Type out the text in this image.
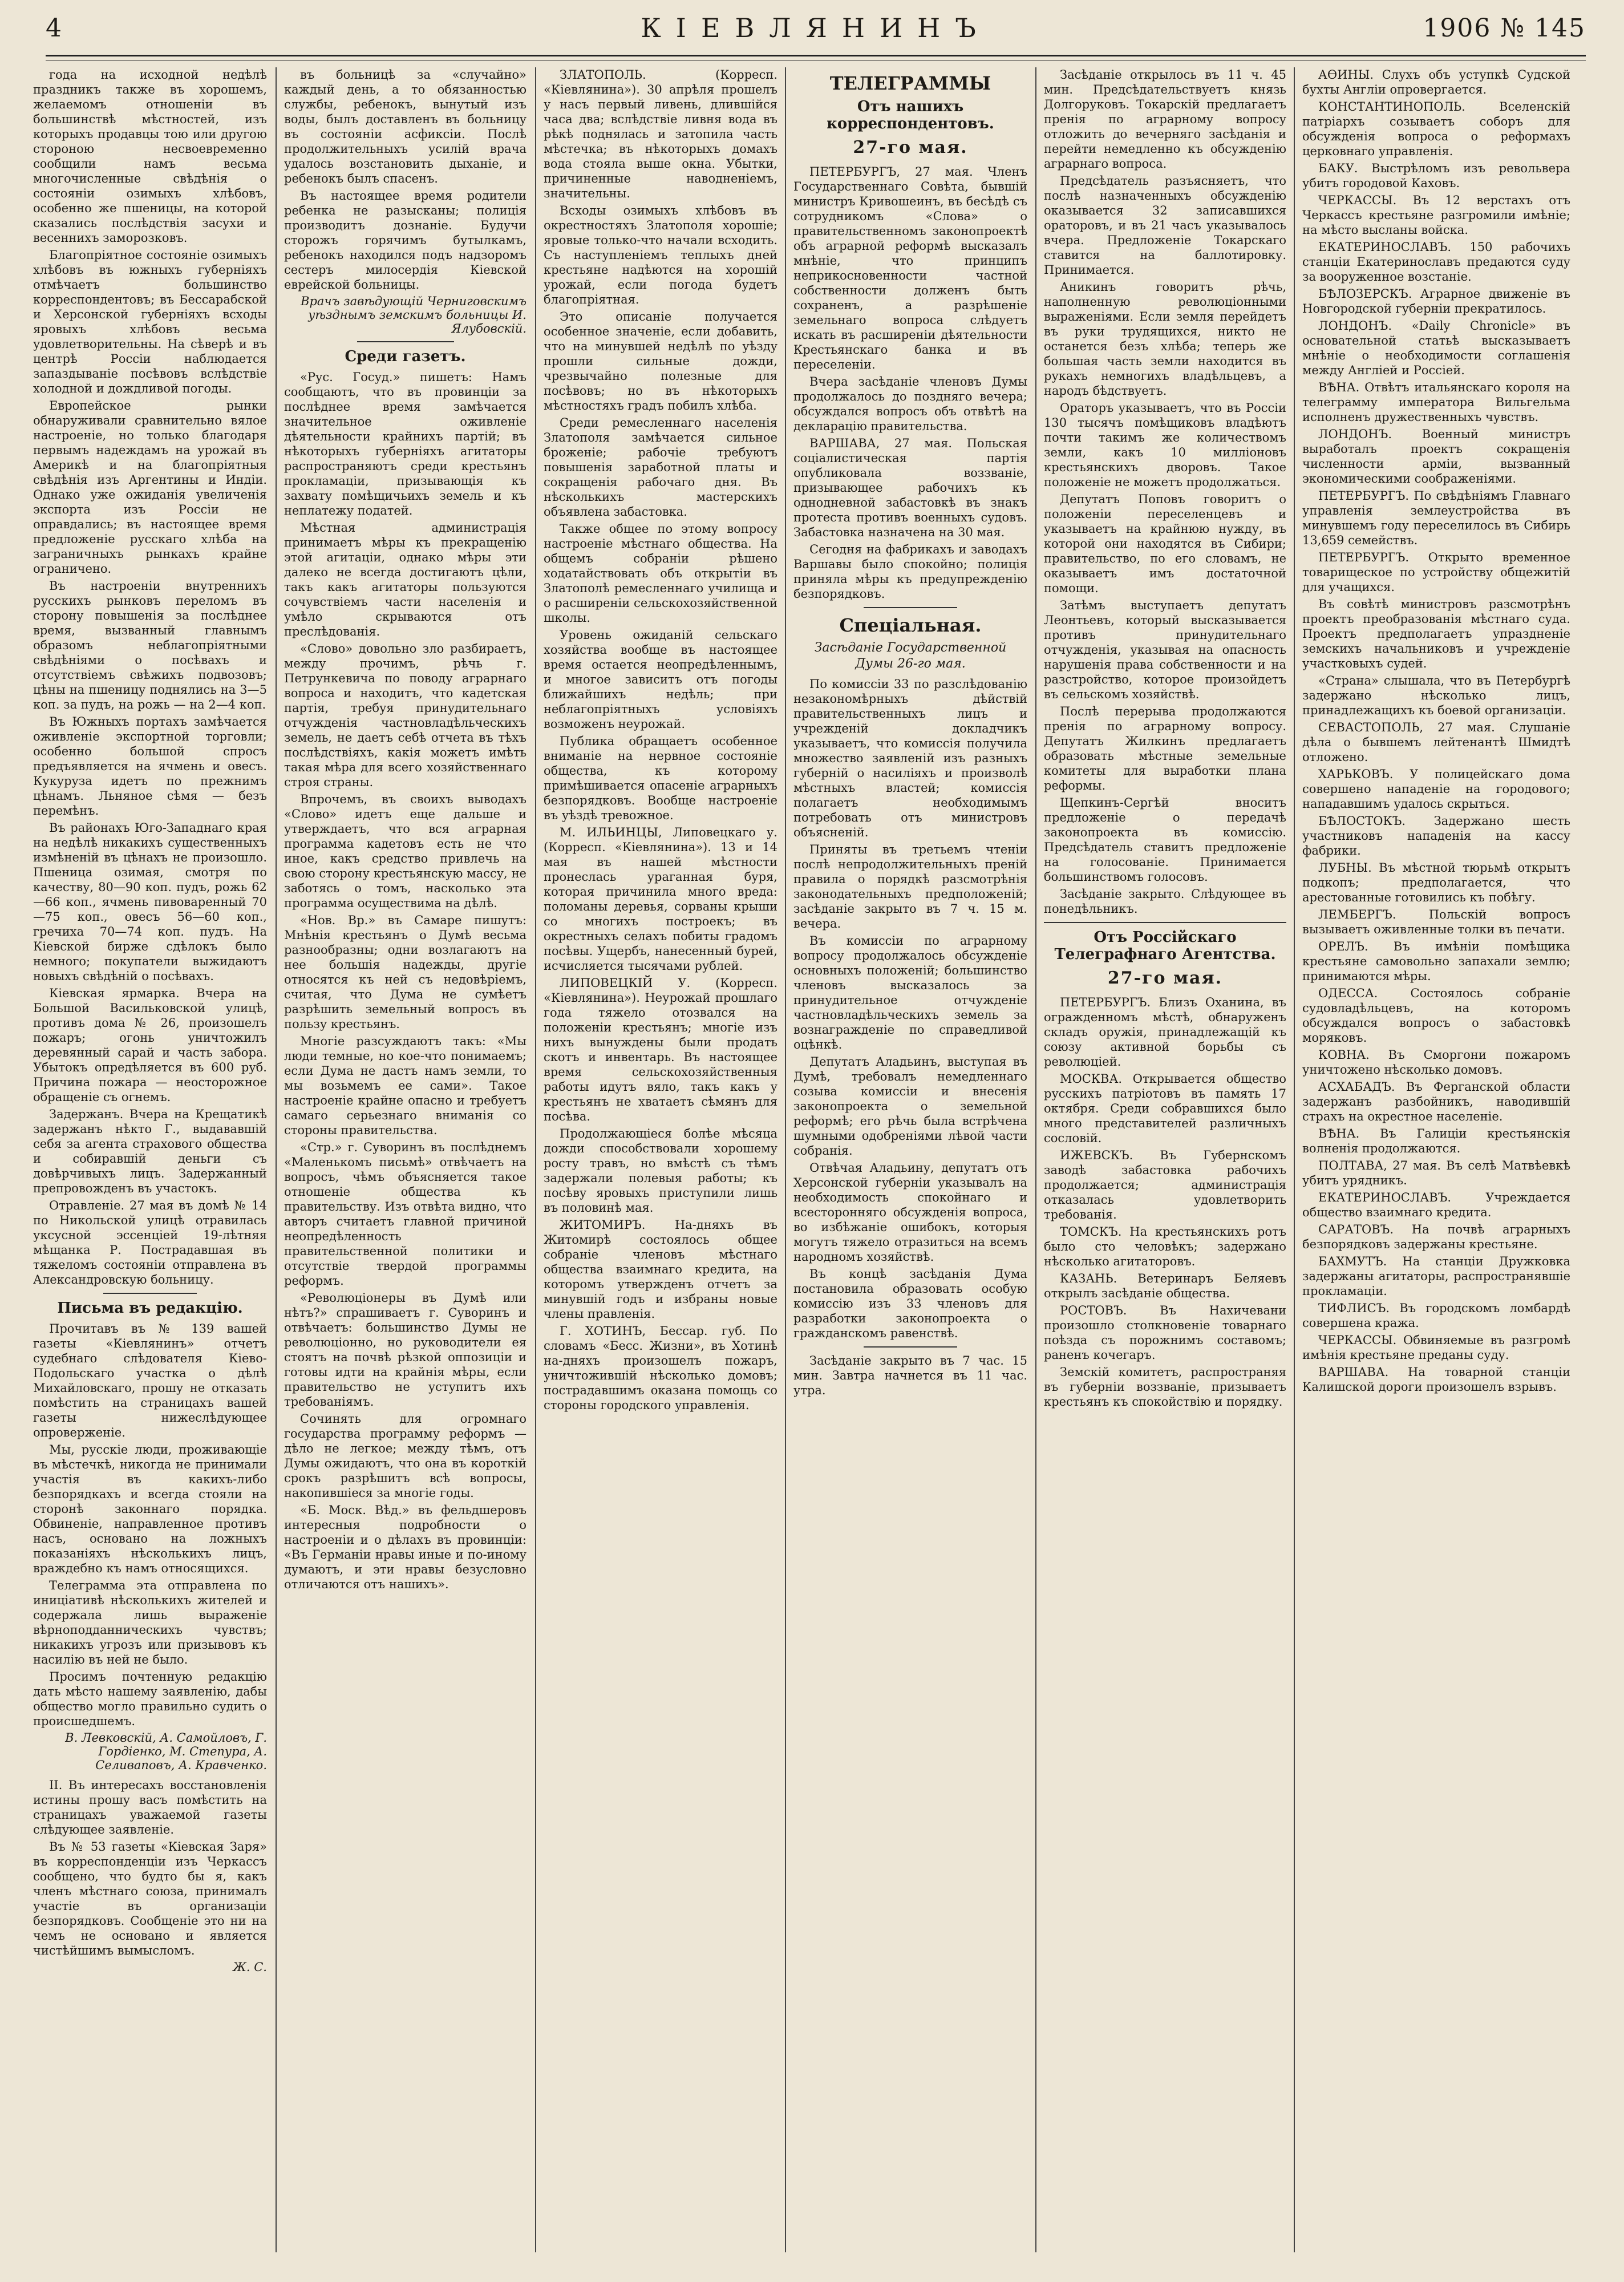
4	КІЕВЛЯНИНЪ	1906 № 145

года на исходной недѣлѣ праздникъ также въ хорошемъ, желаемомъ отношеніи въ большинствѣ мѣстностей, изъ которыхъ продавцы тою или другою стороною несвоевременно сообщили намъ весьма многочисленные свѣдѣнія о состояніи озимыхъ хлѣбовъ, особенно же пшеницы, на которой сказались послѣдствія засухи и весеннихъ заморозковъ.

Благопріятное состояніе озимыхъ хлѣбовъ въ южныхъ губерніяхъ отмѣчаетъ большинство корреспондентовъ; въ Бессарабской и Херсонской губерніяхъ всходы яровыхъ хлѣбовъ весьма удовлетворительны. На сѣверѣ и въ центрѣ Россіи наблюдается запаздываніе посѣвовъ вслѣдствіе холодной и дождливой погоды.

Европейское рынки обнаруживали сравнительно вялое настроеніе, но только благодаря первымъ надеждамъ на урожай въ Америкѣ и на благопріятныя свѣдѣнія изъ Аргентины и Индіи. Однако уже ожиданія увеличенія экспорта изъ Россіи не оправдались; въ настоящее время предложеніе русскаго хлѣба на заграничныхъ рынкахъ крайне ограничено.

Въ настроеніи внутреннихъ русскихъ рынковъ переломъ въ сторону повышенія за послѣднее время, вызванный главнымъ образомъ неблагопріятными свѣдѣніями о посѣвахъ и отсутствіемъ свѣжихъ подвозовъ; цѣны на пшеницу поднялись на 3—5 коп. за пудъ, на рожь — на 2—4 коп.

Въ Южныхъ портахъ замѣчается оживленіе экспортной торговли; особенно большой спросъ предъявляется на ячмень и овесъ. Кукуруза идетъ по прежнимъ цѣнамъ. Льняное сѣмя — безъ перемѣнъ.

Въ районахъ Юго-Западнаго края на недѣлѣ никакихъ существенныхъ измѣненій въ цѣнахъ не произошло. Пшеница озимая, смотря по качеству, 80—90 коп. пудъ, рожь 62—66 коп., ячмень пивоваренный 70—75 коп., овесъ 56—60 коп., гречиха 70—74 коп. пудъ. На Кіевской бирже сдѣлокъ было немного; покупатели выжидаютъ новыхъ свѣдѣній о посѣвахъ.

Кіевская ярмарка. Вчера на Большой Васильковской улицѣ, противъ дома № 26, произошелъ пожаръ; огонь уничтожилъ деревянный сарай и часть забора. Убытокъ опредѣляется въ 600 руб. Причина пожара — неосторожное обращеніе съ огнемъ.

Задержанъ. Вчера на Крещатикѣ задержанъ нѣкто Г., выдававшій себя за агента страхового общества и собиравшій деньги съ довѣрчивыхъ лицъ. Задержанный препровожденъ въ участокъ.

Отравленіе. 27 мая въ домѣ № 14 по Никольской улицѣ отравилась уксусной эссенціей 19-лѣтняя мѣщанка Р. Пострадавшая въ тяжеломъ состояніи отправлена въ Александровскую больницу.

Письма въ редакцію.

Прочитавъ въ № 139 вашей газеты «Кіевлянинъ» отчетъ судебнаго слѣдователя Кіево-Подольскаго участка о дѣлѣ Михайловскаго, прошу не отказать помѣстить на страницахъ вашей газеты нижеслѣдующее опроверженіе.

Мы, русскіе люди, проживающіе въ мѣстечкѣ, никогда не принимали участія въ какихъ-либо безпорядкахъ и всегда стояли на сторонѣ законнаго порядка. Обвиненіе, направленное противъ насъ, основано на ложныхъ показаніяхъ нѣсколькихъ лицъ, враждебно къ намъ относящихся.

Телеграмма эта отправлена по иниціативѣ нѣсколькихъ жителей и содержала лишь выраженіе вѣрноподданническихъ чувствъ; никакихъ угрозъ или призывовъ къ насилію въ ней не было.

Просимъ почтенную редакцію дать мѣсто нашему заявленію, дабы общество могло правильно судить о происшедшемъ.

В. Левковскій, А. Самойловъ, Г. Гордіенко, М. Степура, А. Селиваповъ, А. Кравченко.

II. Въ интересахъ восстановленія истины прошу васъ помѣстить на страницахъ уважаемой газеты слѣдующее заявленіе.

Въ № 53 газеты «Кіевская Заря» въ корреспонденціи изъ Черкассъ сообщено, что будто бы я, какъ членъ мѣстнаго союза, принималъ участіе въ организаціи безпорядковъ. Сообщеніе это ни на чемъ не основано и является чистѣйшимъ вымысломъ.

Ж. С.

въ больницѣ за «случайно» каждый день, а то обязанностью службы, ребенокъ, вынутый изъ воды, былъ доставленъ въ больницу въ состояніи асфиксіи. Послѣ продолжительныхъ усилій врача удалось возстановить дыханіе, и ребенокъ былъ спасенъ.

Въ настоящее время родители ребенка не разысканы; полиція производитъ дознаніе. Будучи сторожъ горячимъ бутылкамъ, ребенокъ находился подъ надзоромъ сестеръ милосердія Кіевской еврейской больницы.

Врачъ завѣдующій Черниговскимъ уѣзднымъ земскимъ больницы И. Ялубовскій.
Среди газетъ.

«Рус. Госуд.» пишетъ: Намъ сообщаютъ, что въ провинціи за послѣднее время замѣчается значительное оживленіе дѣятельности крайнихъ партій; въ нѣкоторыхъ губерніяхъ агитаторы распространяютъ среди крестьянъ прокламаціи, призывающія къ захвату помѣщичьихъ земель и къ неплатежу податей.

Мѣстная администрація принимаетъ мѣры къ прекращенію этой агитаціи, однако мѣры эти далеко не всегда достигаютъ цѣли, такъ какъ агитаторы пользуются сочувствіемъ части населенія и умѣло скрываются отъ преслѣдованія.

«Слово» довольно зло разбираетъ, между прочимъ, рѣчь г. Петрункевича по поводу аграрнаго вопроса и находитъ, что кадетская партія, требуя принудительнаго отчужденія частновладѣльческихъ земель, не даетъ себѣ отчета въ тѣхъ послѣдствіяхъ, какія можетъ имѣть такая мѣра для всего хозяйственнаго строя страны.

Впрочемъ, въ своихъ выводахъ «Слово» идетъ еще дальше и утверждаетъ, что вся аграрная программа кадетовъ есть не что иное, какъ средство привлечь на свою сторону крестьянскую массу, не заботясь о томъ, насколько эта программа осуществима на дѣлѣ.

«Нов. Вр.» въ Самаре пишутъ: Мнѣнія крестьянъ о Думѣ весьма разнообразны; одни возлагаютъ на нее большія надежды, другіе относятся къ ней съ недовѣріемъ, считая, что Дума не сумѣетъ разрѣшить земельный вопросъ въ пользу крестьянъ.

Многіе разсуждаютъ такъ: «Мы люди темные, но кое-что понимаемъ; если Дума не дастъ намъ земли, то мы возьмемъ ее сами». Такое настроеніе крайне опасно и требуетъ самаго серьезнаго вниманія со стороны правительства.

«Стр.» г. Суворинъ въ послѣднемъ «Маленькомъ письмѣ» отвѣчаетъ на вопросъ, чѣмъ объясняется такое отношеніе общества къ правительству. Изъ отвѣта видно, что авторъ считаетъ главной причиной неопредѣленность правительственной политики и отсутствіе твердой программы реформъ.

«Революціонеры въ Думѣ или нѣтъ?» спрашиваетъ г. Суворинъ и отвѣчаетъ: большинство Думы не революціонно, но руководители ея стоятъ на почвѣ рѣзкой оппозиціи и готовы идти на крайнія мѣры, если правительство не уступитъ ихъ требованіямъ.

Сочинять для огромнаго государства программу реформъ — дѣло не легкое; между тѣмъ, отъ Думы ожидаютъ, что она въ короткій срокъ разрѣшитъ всѣ вопросы, накопившіеся за многіе годы.

«Б. Моск. Вѣд.» въ фельдшеровъ интересныя подробности о настроеніи и о дѣлахъ въ провинціи: «Въ Германіи нравы иные и по-иному думаютъ, и эти нравы безусловно отличаются отъ нашихъ».

ЗЛАТОПОЛЬ. (Корресп. «Кіевлянина»). 30 апрѣля прошелъ у насъ первый ливень, длившійся часа два; вслѣдствіе ливня вода въ рѣкѣ поднялась и затопила часть мѣстечка; въ нѣкоторыхъ домахъ вода стояла выше окна. Убытки, причиненные наводненіемъ, значительны.

Всходы озимыхъ хлѣбовъ въ окрестностяхъ Златополя хорошіе; яровые только-что начали всходить. Съ наступленіемъ теплыхъ дней крестьяне надѣются на хорошій урожай, если погода будетъ благопріятная.

Это описаніе получается особенное значеніе, если добавить, что на минувшей недѣлѣ по уѣзду прошли сильные дожди, чрезвычайно полезные для посѣвовъ; но въ нѣкоторыхъ мѣстностяхъ градъ побилъ хлѣба.

Среди ремесленнаго населенія Златополя замѣчается сильное броженіе; рабочіе требуютъ повышенія заработной платы и сокращенія рабочаго дня. Въ нѣсколькихъ мастерскихъ объявлена забастовка.

Также общее по этому вопросу настроеніе мѣстнаго общества. На общемъ собраніи рѣшено ходатайствовать объ открытіи въ Златополѣ ремесленнаго училища и о расширеніи сельскохозяйственной школы.

Уровень ожиданій сельскаго хозяйства вообще въ настоящее время остается неопредѣленнымъ, и многое зависитъ отъ погоды ближайшихъ недѣль; при неблагопріятныхъ условіяхъ возможенъ неурожай.

Публика обращаетъ особенное вниманіе на нервное состояніе общества, къ которому примѣшивается опасеніе аграрныхъ безпорядковъ. Вообще настроеніе въ уѣздѣ тревожное.

М. ИЛЬИНЦЫ, Липовецкаго у. (Корресп. «Кіевлянина»). 13 и 14 мая въ нашей мѣстности пронеслась ураганная буря, которая причинила много вреда: поломаны деревья, сорваны крыши со многихъ построекъ; въ окрестныхъ селахъ побиты градомъ посѣвы. Ущербъ, нанесенный бурей, исчисляется тысячами рублей.

ЛИПОВЕЦКІЙ У. (Корресп. «Кіевлянина»). Неурожай прошлаго года тяжело отозвался на положеніи крестьянъ; многіе изъ нихъ вынуждены были продать скотъ и инвентарь. Въ настоящее время сельскохозяйственныя работы идутъ вяло, такъ какъ у крестьянъ не хватаетъ сѣмянъ для посѣва.

Продолжающіеся болѣе мѣсяца дожди способствовали хорошему росту травъ, но вмѣстѣ съ тѣмъ задержали полевыя работы; къ посѣву яровыхъ приступили лишь въ половинѣ мая.

ЖИТОМИРЪ. На-дняхъ въ Житомирѣ состоялось общее собраніе членовъ мѣстнаго общества взаимнаго кредита, на которомъ утвержденъ отчетъ за минувшій годъ и избраны новые члены правленія.

Г. ХОТИНЪ, Бессар. губ. По словамъ «Бесс. Жизни», въ Хотинѣ на-дняхъ произошелъ пожаръ, уничтожившій нѣсколько домовъ; пострадавшимъ оказана помощь со стороны городского управленія.

ТЕЛЕГРАММЫ
Отъ нашихъ корреспондентовъ.
27-го мая.

ПЕТЕРБУРГЪ, 27 мая. Членъ Государственнаго Совѣта, бывшій министръ Кривошеинъ, въ бесѣдѣ съ сотрудникомъ «Слова» о правительственномъ законопроектѣ объ аграрной реформѣ высказалъ мнѣніе, что принципъ неприкосновенности частной собственности долженъ быть сохраненъ, а разрѣшеніе земельнаго вопроса слѣдуетъ искать въ расширеніи дѣятельности Крестьянскаго банка и въ переселеніи.

Вчера засѣданіе членовъ Думы продолжалось до поздняго вечера; обсуждался вопросъ объ отвѣтѣ на декларацію правительства.

ВАРШАВА, 27 мая. Польская соціалистическая партія опубликовала воззваніе, призывающее рабочихъ къ однодневной забастовкѣ въ знакъ протеста противъ военныхъ судовъ. Забастовка назначена на 30 мая.

Сегодня на фабрикахъ и заводахъ Варшавы было спокойно; полиція приняла мѣры къ предупрежденію безпорядковъ.

Спеціальная.
Засѣданіе Государственной Думы 26-го мая.

По комиссіи 33 по разслѣдованію незакономѣрныхъ дѣйствій правительственныхъ лицъ и учрежденій докладчикъ указываетъ, что комиссія получила множество заявленій изъ разныхъ губерній о насиліяхъ и произволѣ мѣстныхъ властей; комиссія полагаетъ необходимымъ потребовать отъ министровъ объясненій.

Приняты въ третьемъ чтеніи послѣ непродолжительныхъ преній правила о порядкѣ разсмотрѣнія законодательныхъ предположеній; засѣданіе закрыто въ 7 ч. 15 м. вечера.

Въ комиссіи по аграрному вопросу продолжалось обсужденіе основныхъ положеній; большинство членовъ высказалось за принудительное отчужденіе частновладѣльческихъ земель за вознагражденіе по справедливой оцѣнкѣ.

Депутатъ Аладьинъ, выступая въ Думѣ, требовалъ немедленнаго созыва комиссіи и внесенія законопроекта о земельной реформѣ; его рѣчь была встрѣчена шумными одобреніями лѣвой части собранія.

Отвѣчая Аладьину, депутатъ отъ Херсонской губерніи указывалъ на необходимость спокойнаго и всесторонняго обсужденія вопроса, во избѣжаніе ошибокъ, которыя могутъ тяжело отразиться на всемъ народномъ хозяйствѣ.

Въ концѣ засѣданія Дума постановила образовать особую комиссію изъ 33 членовъ для разработки законопроекта о гражданскомъ равенствѣ.

Засѣданіе закрыто въ 7 час. 15 мин. Завтра начнется въ 11 час. утра.

Засѣданіе открылось въ 11 ч. 45 мин. Предсѣдательствуетъ князь Долгоруковъ. Токарскій предлагаетъ пренія по аграрному вопросу отложить до вечерняго засѣданія и перейти немедленно къ обсужденію аграрнаго вопроса.

Предсѣдатель разъясняетъ, что послѣ назначенныхъ обсужденію оказывается 32 записавшихся ораторовъ, и въ 21 часъ указывалось вчера. Предложеніе Токарскаго ставится на баллотировку. Принимается.

Аникинъ говоритъ рѣчь, наполненную революціонными выраженіями. Если земля перейдетъ въ руки трудящихся, никто не останется безъ хлѣба; теперь же большая часть земли находится въ рукахъ немногихъ владѣльцевъ, а народъ бѣдствуетъ.

Ораторъ указываетъ, что въ Россіи 130 тысячъ помѣщиковъ владѣютъ почти такимъ же количествомъ земли, какъ 10 милліоновъ крестьянскихъ дворовъ. Такое положеніе не можетъ продолжаться.

Депутатъ Поповъ говоритъ о положеніи переселенцевъ и указываетъ на крайнюю нужду, въ которой они находятся въ Сибири; правительство, по его словамъ, не оказываетъ имъ достаточной помощи.

Затѣмъ выступаетъ депутатъ Леонтьевъ, который высказывается противъ принудительнаго отчужденія, указывая на опасность нарушенія права собственности и на разстройство, которое произойдетъ въ сельскомъ хозяйствѣ.

Послѣ перерыва продолжаются пренія по аграрному вопросу. Депутатъ Жилкинъ предлагаетъ образовать мѣстные земельные комитеты для выработки плана реформы.

Щепкинъ-Сергѣй вноситъ предложеніе о передачѣ законопроекта въ комиссію. Предсѣдатель ставитъ предложеніе на голосованіе. Принимается большинствомъ голосовъ.

Засѣданіе закрыто. Слѣдующее въ понедѣльникъ.

Отъ Россійскаго Телеграфнаго Агентства.
27-го мая.

ПЕТЕРБУРГЪ. Близъ Оханина, въ огражденномъ мѣстѣ, обнаруженъ складъ оружія, принадлежащій къ союзу активной борьбы съ революціей.

МОСКВА. Открывается общество русскихъ патріотовъ въ память 17 октября. Среди собравшихся было много представителей различныхъ сословій.

ИЖЕВСКЪ. Въ Губернскомъ заводѣ забастовка рабочихъ продолжается; администрація отказалась удовлетворить требованія.

ТОМСКЪ. На крестьянскихъ ротъ было сто человѣкъ; задержано нѣсколько агитаторовъ.

КАЗАНЬ. Ветеринаръ Беляевъ открылъ засѣданіе общества.

РОСТОВЪ. Въ Нахичевани произошло столкновеніе товарнаго поѣзда съ порожнимъ составомъ; раненъ кочегаръ.

Земскій комитетъ, распространяя въ губерніи воззваніе, призываетъ крестьянъ къ спокойствію и порядку.

АѲИНЫ. Слухъ объ уступкѣ Судской бухты Англіи опровергается.

КОНСТАНТИНОПОЛЬ. Вселенскій патріархъ созываетъ соборъ для обсужденія вопроса о реформахъ церковнаго управленія.

БАКУ. Выстрѣломъ изъ револьвера убитъ городовой Каховъ.

ЧЕРКАССЫ. Въ 12 верстахъ отъ Черкассъ крестьяне разгромили имѣніе; на мѣсто высланы войска.

ЕКАТЕРИНОСЛАВЪ. 150 рабочихъ станціи Екатеринославъ предаются суду за вооруженное возстаніе.

БѢЛОЗЕРСКЪ. Аграрное движеніе въ Новгородской губерніи прекратилось.

ЛОНДОНЪ. «Daily Chronicle» въ основательной статьѣ высказываетъ мнѣніе о необходимости соглашенія между Англіей и Россіей.

ВѢНА. Отвѣтъ итальянскаго короля на телеграмму императора Вильгельма исполненъ дружественныхъ чувствъ.

ЛОНДОНЪ. Военный министръ выработалъ проектъ сокращенія численности арміи, вызванный экономическими соображеніями.

ПЕТЕРБУРГЪ. По свѣдѣніямъ Главнаго управленія землеустройства въ минувшемъ году переселилось въ Сибирь 13,659 семействъ.

ПЕТЕРБУРГЪ. Открыто временное товарищеское по устройству общежитій для учащихся.

Въ совѣтѣ министровъ разсмотрѣнъ проектъ преобразованія мѣстнаго суда. Проектъ предполагаетъ упраздненіе земскихъ начальниковъ и учрежденіе участковыхъ судей.

«Страна» слышала, что въ Петербургѣ задержано нѣсколько лицъ, принадлежащихъ къ боевой организаціи.

СЕВАСТОПОЛЬ, 27 мая. Слушаніе дѣла о бывшемъ лейтенантѣ Шмидтѣ отложено.

ХАРЬКОВЪ. У полицейскаго дома совершено нападеніе на городового; нападавшимъ удалось скрыться.

БѢЛОСТОКЪ. Задержано шесть участниковъ нападенія на кассу фабрики.

ЛУБНЫ. Въ мѣстной тюрьмѣ открытъ подкопъ; предполагается, что арестованные готовились къ побѣгу.

ЛЕМБЕРГЪ. Польскій вопросъ вызываетъ оживленные толки въ печати.

ОРЕЛЪ. Въ имѣніи помѣщика крестьяне самовольно запахали землю; принимаются мѣры.

ОДЕССА. Состоялось собраніе судовладѣльцевъ, на которомъ обсуждался вопросъ о забастовкѣ моряковъ.

КОВНА. Въ Сморгони пожаромъ уничтожено нѣсколько домовъ.

АСХАБАДЪ. Въ Ферганской области задержанъ разбойникъ, наводившій страхъ на окрестное населеніе.

ВѢНА. Въ Галиціи крестьянскія волненія продолжаются.

ПОЛТАВА, 27 мая. Въ селѣ Матвѣевкѣ убитъ урядникъ.

ЕКАТЕРИНОСЛАВЪ. Учреждается общество взаимнаго кредита.

САРАТОВЪ. На почвѣ аграрныхъ безпорядковъ задержаны крестьяне.

БАХМУТЪ. На станціи Дружковка задержаны агитаторы, распространявшіе прокламаціи.

ТИФЛИСЪ. Въ городскомъ ломбардѣ совершена кража.

ЧЕРКАССЫ. Обвиняемые въ разгромѣ имѣнія крестьяне преданы суду.

ВАРШАВА. На товарной станціи Калишской дороги произошелъ взрывъ.
